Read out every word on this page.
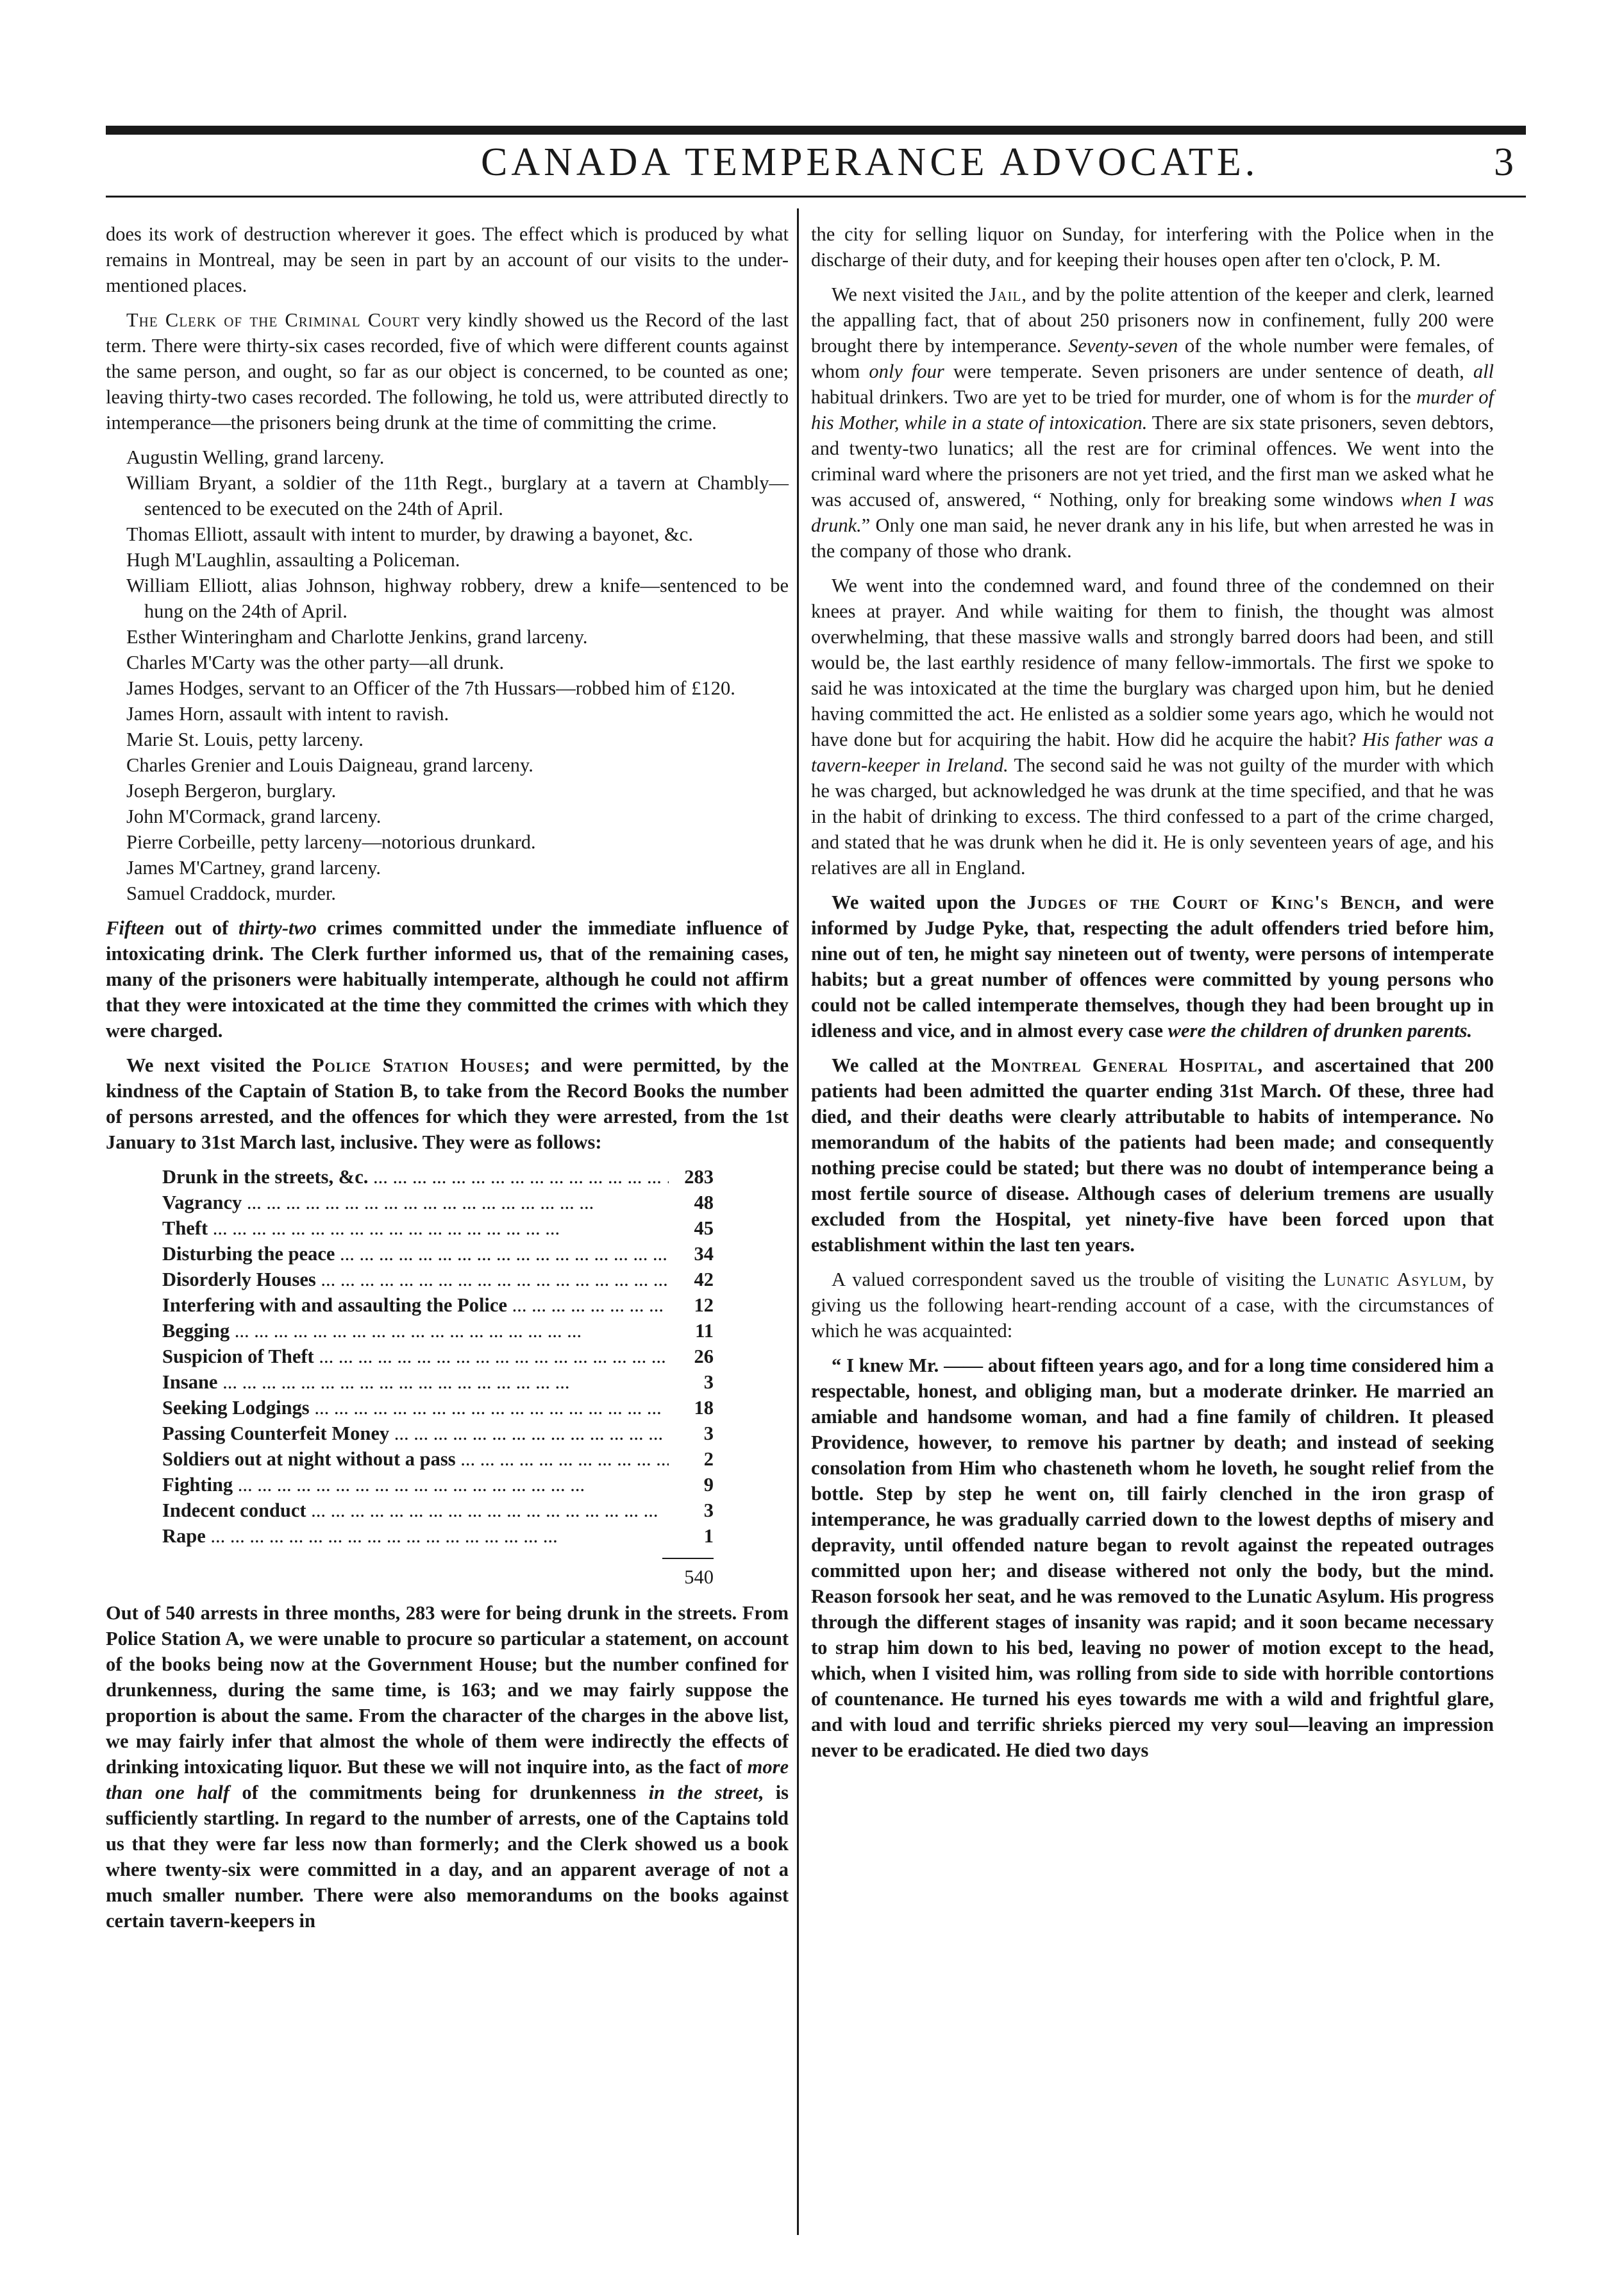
CANADA TEMPERANCE ADVOCATE.	3

does its work of destruction wherever it goes. The effect which is produced by what remains in Montreal, may be seen in part by an account of our visits to the under-mentioned places.

The Clerk of the Criminal Court very kindly showed us the Record of the last term. There were thirty-six cases recorded, five of which were different counts against the same person, and ought, so far as our object is concerned, to be counted as one; leaving thirty-two cases recorded. The following, he told us, were attributed directly to intemperance—the prisoners being drunk at the time of committing the crime.

Augustin Welling, grand larceny.
William Bryant, a soldier of the 11th Regt., burglary at a tavern at Chambly—sentenced to be executed on the 24th of April.
Thomas Elliott, assault with intent to murder, by drawing a bayonet, &c.
Hugh M'Laughlin, assaulting a Policeman.
William Elliott, alias Johnson, highway robbery, drew a knife—sentenced to be hung on the 24th of April.
Esther Winteringham and Charlotte Jenkins, grand larceny.
Charles M'Carty was the other party—all drunk.
James Hodges, servant to an Officer of the 7th Hussars—robbed him of £120.
James Horn, assault with intent to ravish.
Marie St. Louis, petty larceny.
Charles Grenier and Louis Daigneau, grand larceny.
Joseph Bergeron, burglary.
John M'Cormack, grand larceny.
Pierre Corbeille, petty larceny—notorious drunkard.
James M'Cartney, grand larceny.
Samuel Craddock, murder.

Fifteen out of thirty-two crimes committed under the immediate influence of intoxicating drink. The Clerk further informed us, that of the remaining cases, many of the prisoners were habitually intemperate, although he could not affirm that they were intoxicated at the time they committed the crimes with which they were charged.

We next visited the Police Station Houses; and were permitted, by the kindness of the Captain of Station B, to take from the Record Books the number of persons arrested, and the offences for which they were arrested, from the 1st January to 31st March last, inclusive. They were as follows:

Drunk in the streets, &c. ... .	283
Vagrancy ... .	48
Theft ... .	45
Disturbing the peace ... .	34
Disorderly Houses ... .	42
Interfering with and assaulting the Police ... .	12
Begging ... .	11
Suspicion of Theft ... .	26
Insane ... .	3
Seeking Lodgings ... .	18
Passing Counterfeit Money ... .	3
Soldiers out at night without a pass ... .	2
Fighting ... .	9
Indecent conduct ... .	3
Rape ... .	1
540

Out of 540 arrests in three months, 283 were for being drunk in the streets. From Police Station A, we were unable to procure so particular a statement, on account of the books being now at the Government House; but the number confined for drunkenness, during the same time, is 163; and we may fairly suppose the proportion is about the same. From the character of the charges in the above list, we may fairly infer that almost the whole of them were indirectly the effects of drinking intoxicating liquor. But these we will not inquire into, as the fact of more than one half of the commitments being for drunkenness in the street, is sufficiently startling. In regard to the number of arrests, one of the Captains told us that they were far less now than formerly; and the Clerk showed us a book where twenty-six were committed in a day, and an apparent average of not a much smaller number. There were also memorandums on the books against certain tavern-keepers in

the city for selling liquor on Sunday, for interfering with the Police when in the discharge of their duty, and for keeping their houses open after ten o'clock, P. M.

We next visited the Jail, and by the polite attention of the keeper and clerk, learned the appalling fact, that of about 250 prisoners now in confinement, fully 200 were brought there by intemperance. Seventy-seven of the whole number were females, of whom only four were temperate. Seven prisoners are under sentence of death, all habitual drinkers. Two are yet to be tried for murder, one of whom is for the murder of his Mother, while in a state of intoxication. There are six state prisoners, seven debtors, and twenty-two lunatics; all the rest are for criminal offences. We went into the criminal ward where the prisoners are not yet tried, and the first man we asked what he was accused of, answered, “ Nothing, only for breaking some windows when I was drunk.” Only one man said, he never drank any in his life, but when arrested he was in the company of those who drank.

We went into the condemned ward, and found three of the condemned on their knees at prayer. And while waiting for them to finish, the thought was almost overwhelming, that these massive walls and strongly barred doors had been, and still would be, the last earthly residence of many fellow-immortals. The first we spoke to said he was intoxicated at the time the burglary was charged upon him, but he denied having committed the act. He enlisted as a soldier some years ago, which he would not have done but for acquiring the habit. How did he acquire the habit? His father was a tavern-keeper in Ireland. The second said he was not guilty of the murder with which he was charged, but acknowledged he was drunk at the time specified, and that he was in the habit of drinking to excess. The third confessed to a part of the crime charged, and stated that he was drunk when he did it. He is only seventeen years of age, and his relatives are all in England.

We waited upon the Judges of the Court of King's Bench, and were informed by Judge Pyke, that, respecting the adult offenders tried before him, nine out of ten, he might say nineteen out of twenty, were persons of intemperate habits; but a great number of offences were committed by young persons who could not be called intemperate themselves, though they had been brought up in idleness and vice, and in almost every case were the children of drunken parents.

We called at the Montreal General Hospital, and ascertained that 200 patients had been admitted the quarter ending 31st March. Of these, three had died, and their deaths were clearly attributable to habits of intemperance. No memorandum of the habits of the patients had been made; and consequently nothing precise could be stated; but there was no doubt of intemperance being a most fertile source of disease. Although cases of delerium tremens are usually excluded from the Hospital, yet ninety-five have been forced upon that establishment within the last ten years.

A valued correspondent saved us the trouble of visiting the Lunatic Asylum, by giving us the following heart-rending account of a case, with the circumstances of which he was acquainted:

“ I knew Mr. —— about fifteen years ago, and for a long time considered him a respectable, honest, and obliging man, but a moderate drinker. He married an amiable and handsome woman, and had a fine family of children. It pleased Providence, however, to remove his partner by death; and instead of seeking consolation from Him who chasteneth whom he loveth, he sought relief from the bottle. Step by step he went on, till fairly clenched in the iron grasp of intemperance, he was gradually carried down to the lowest depths of misery and depravity, until offended nature began to revolt against the repeated outrages committed upon her; and disease withered not only the body, but the mind. Reason forsook her seat, and he was removed to the Lunatic Asylum. His progress through the different stages of insanity was rapid; and it soon became necessary to strap him down to his bed, leaving no power of motion except to the head, which, when I visited him, was rolling from side to side with horrible contortions of countenance. He turned his eyes towards me with a wild and frightful glare, and with loud and terrific shrieks pierced my very soul—leaving an impression never to be eradicated. He died two days
